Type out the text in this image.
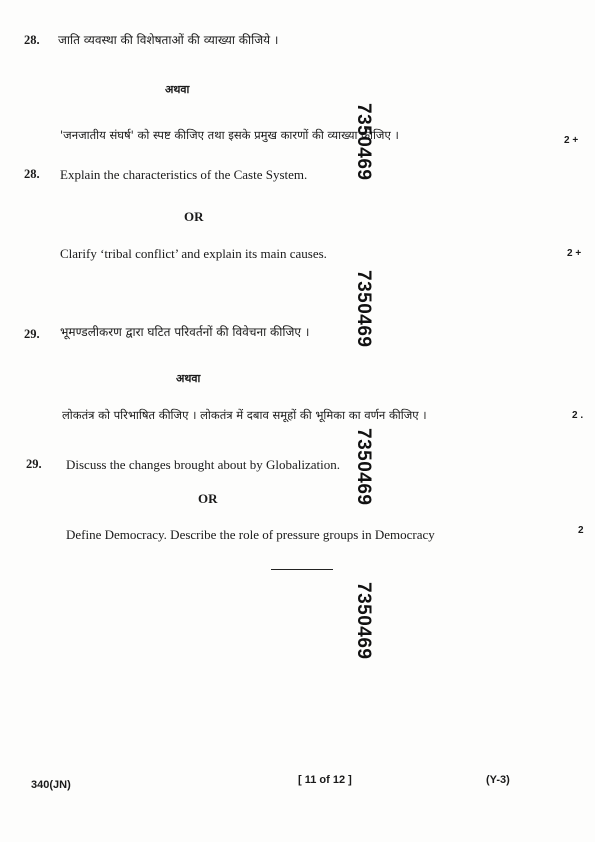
28. जाति व्यवस्था की विशेषताओं की व्याख्या कीजिये ।
अथवा
'जनजातीय संघर्ष' को स्पष्ट कीजिए तथा इसके प्रमुख कारणों की व्याख्या कीजिए ।	2 +
28. Explain the characteristics of the Caste System.
OR
Clarify ‘tribal conflict’ and explain its main causes.	2 +
29. भूमण्डलीकरण द्वारा घटित परिवर्तनों की विवेचना कीजिए ।
अथवा
लोकतंत्र को परिभाषित कीजिए । लोकतंत्र में दबाव समूहों की भूमिका का वर्णन कीजिए ।	2 .
29. Discuss the changes brought about by Globalization.
OR
Define Democracy. Describe the role of pressure groups in Democracy	2
7350469
7350469
7350469
7350469
340(JN)	[ 11 of 12 ]	(Y-3)
